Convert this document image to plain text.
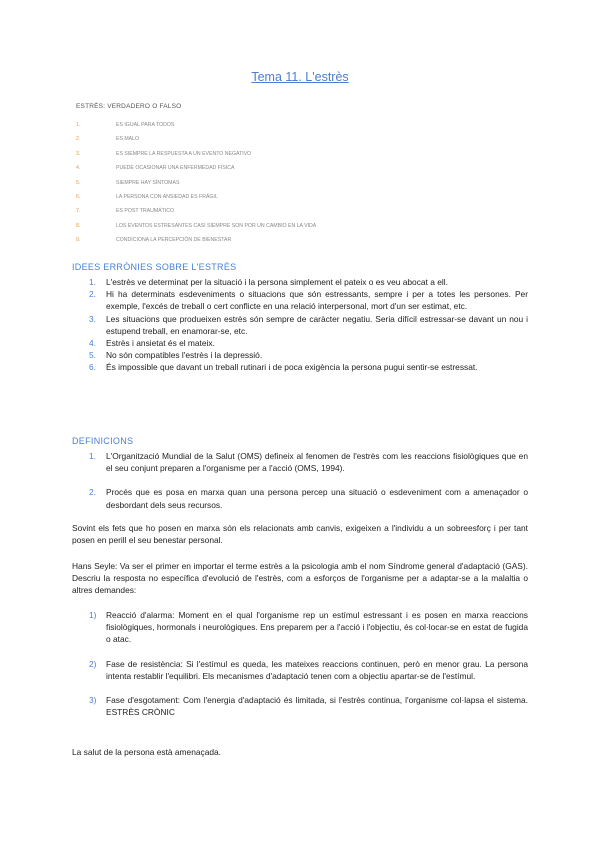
Tema 11. L'estrès
ESTRÈS: VERDADERO O FALSO
1.	ES IGUAL PARA TODOS
2.	ES MALO
3.	ES SIEMPRE LA RESPUESTA A UN EVENTO NEGATIVO
4.	PUEDE OCASIONAR UNA ENFERMEDAD FÍSICA
5.	SIEMPRE HAY SÍNTOMAS
6.	LA PERSONA CON ANSIEDAD ES FRÁGIL
7.	ES POST TRAUMÁTICO
8.	LOS EVENTOS ESTRESANTES CASI SIEMPRE SON POR UN CAMBIO EN LA VIDA
9.	CONDICIONA LA PERCEPCIÓN DE BIENESTAR
IDEES ERRÒNIES SOBRE L'ESTRÈS
1. L'estrès ve determinat per la situació i la persona simplement el pateix o es veu abocat a ell.
2. Hi ha determinats esdeveniments o situacions que són estressants, sempre i per a totes les persones. Per exemple, l'excés de treball o cert conflicte en una relació interpersonal, mort d'un ser estimat, etc.
3. Les situacions que produeixen estrès són sempre de caràcter negatiu. Seria difícil estressar-se davant un nou i estupend treball, en enamorar-se, etc.
4. Estrès i ansietat és el mateix.
5. No són compatibles l'estrès i la depressió.
6. És impossible que davant un treball rutinari i de poca exigència la persona pugui sentir-se estressat.
DEFINICIONS
1. L'Organització Mundial de la Salut (OMS) defineix al fenomen de l'estrès com les reaccions fisiològiques que en el seu conjunt preparen a l'organisme per a l'acció (OMS, 1994).
2. Procés que es posa en marxa quan una persona percep una situació o esdeveniment com a amenaçador o desbordant dels seus recursos.
Sovint els fets que ho posen en marxa són els relacionats amb canvis, exigeixen a l'individu a un sobreesforç i per tant posen en perill el seu benestar personal.
Hans Seyle: Va ser el primer en importar el terme estrès a la psicologia amb el nom Síndrome general d'adaptació (GAS). Descriu la resposta no específica d'evolució de l'estrès, com a esforços de l'organisme per a adaptar-se a la malaltia o altres demandes:
1) Reacció d'alarma: Moment en el qual l'organisme rep un estímul estressant i es posen en marxa reaccions fisiològiques, hormonals i neurològiques. Ens preparem per a l'acció i l'objectiu, és col·locar-se en estat de fugida o atac.
2) Fase de resistència: Si l'estímul es queda, les mateixes reaccions continuen, però en menor grau. La persona intenta restablir l'equilibri. Els mecanismes d'adaptació tenen com a objectiu apartar-se de l'estímul.
3) Fase d'esgotament: Com l'energia d'adaptació és limitada, si l'estrès continua, l'organisme col·lapsa el sistema. ESTRÈS CRÒNIC
La salut de la persona està amenaçada.
